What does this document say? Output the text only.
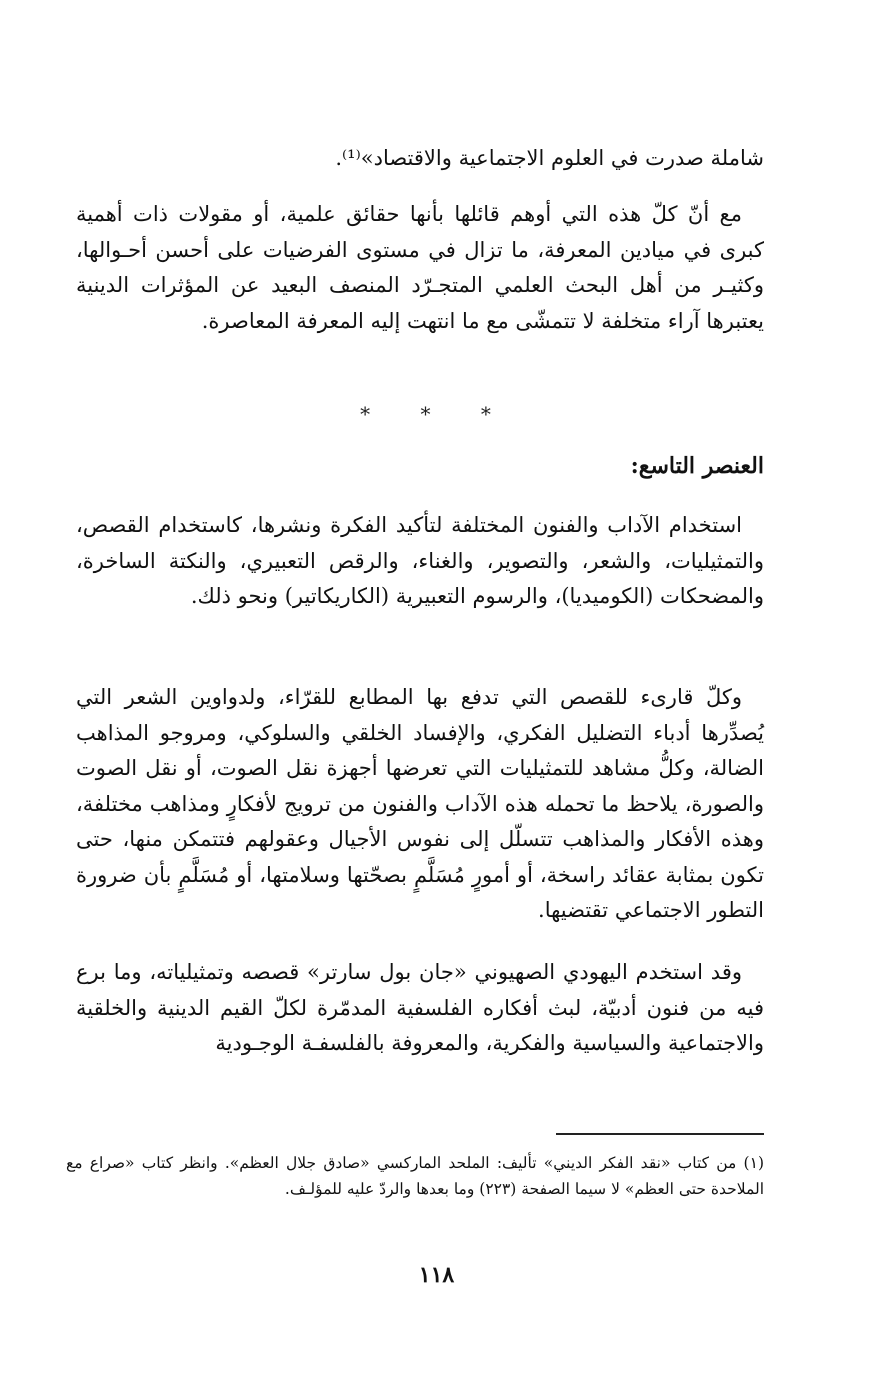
شاملة صدرت في العلوم الاجتماعية والاقتصاد»⁽¹⁾.

مع أنّ كلّ هذه التي أوهم قائلها بأنها حقائق علمية، أو مقولات ذات أهمية كبرى في ميادين المعرفة، ما تزال في مستوى الفرضيات على أحسن أحـوالها، وكثيـر من أهل البحث العلمي المتجـرّد المنصف البعيد عن المؤثرات الدينية يعتبرها آراء متخلفة لا تتمشّى مع ما انتهت إليه المعرفة المعاصرة.

* * *
العنصر التاسع:

استخدام الآداب والفنون المختلفة لتأكيد الفكرة ونشرها، كاستخدام القصص، والتمثيليات، والشعر، والتصوير، والغناء، والرقص التعبيري، والنكتة الساخرة، والمضحكات (الكوميديا)، والرسوم التعبيرية (الكاريكاتير) ونحو ذلك.

وكلّ قارىء للقصص التي تدفع بها المطابع للقرّاء، ولدواوين الشعر التي يُصدِّرها أدباء التضليل الفكري، والإفساد الخلقي والسلوكي، ومروجو المذاهب الضالة، وكلُّ مشاهد للتمثيليات التي تعرضها أجهزة نقل الصوت، أو نقل الصوت والصورة، يلاحظ ما تحمله هذه الآداب والفنون من ترويج لأفكارٍ ومذاهب مختلفة، وهذه الأفكار والمذاهب تتسلّل إلى نفوس الأجيال وعقولهم فتتمكن منها، حتى تكون بمثابة عقائد راسخة، أو أمورٍ مُسَلَّمٍ بصحّتها وسلامتها، أو مُسَلَّمٍ بأن ضرورة التطور الاجتماعي تقتضيها.

وقد استخدم اليهودي الصهيوني «جان بول سارتر» قصصه وتمثيلياته، وما برع فيه من فنون أدبيّة، لبث أفكاره الفلسفية المدمّرة لكلّ القيم الدينية والخلقية والاجتماعية والسياسية والفكرية، والمعروفة بالفلسفـة الوجـودية

(١) من كتاب «نقد الفكر الديني» تأليف: الملحد الماركسي «صادق جلال العظم». وانظر كتاب «صراع مع الملاحدة حتى العظم» لا سيما الصفحة (٢٢٣) وما بعدها والردّ عليه للمؤلـف.
١١٨
